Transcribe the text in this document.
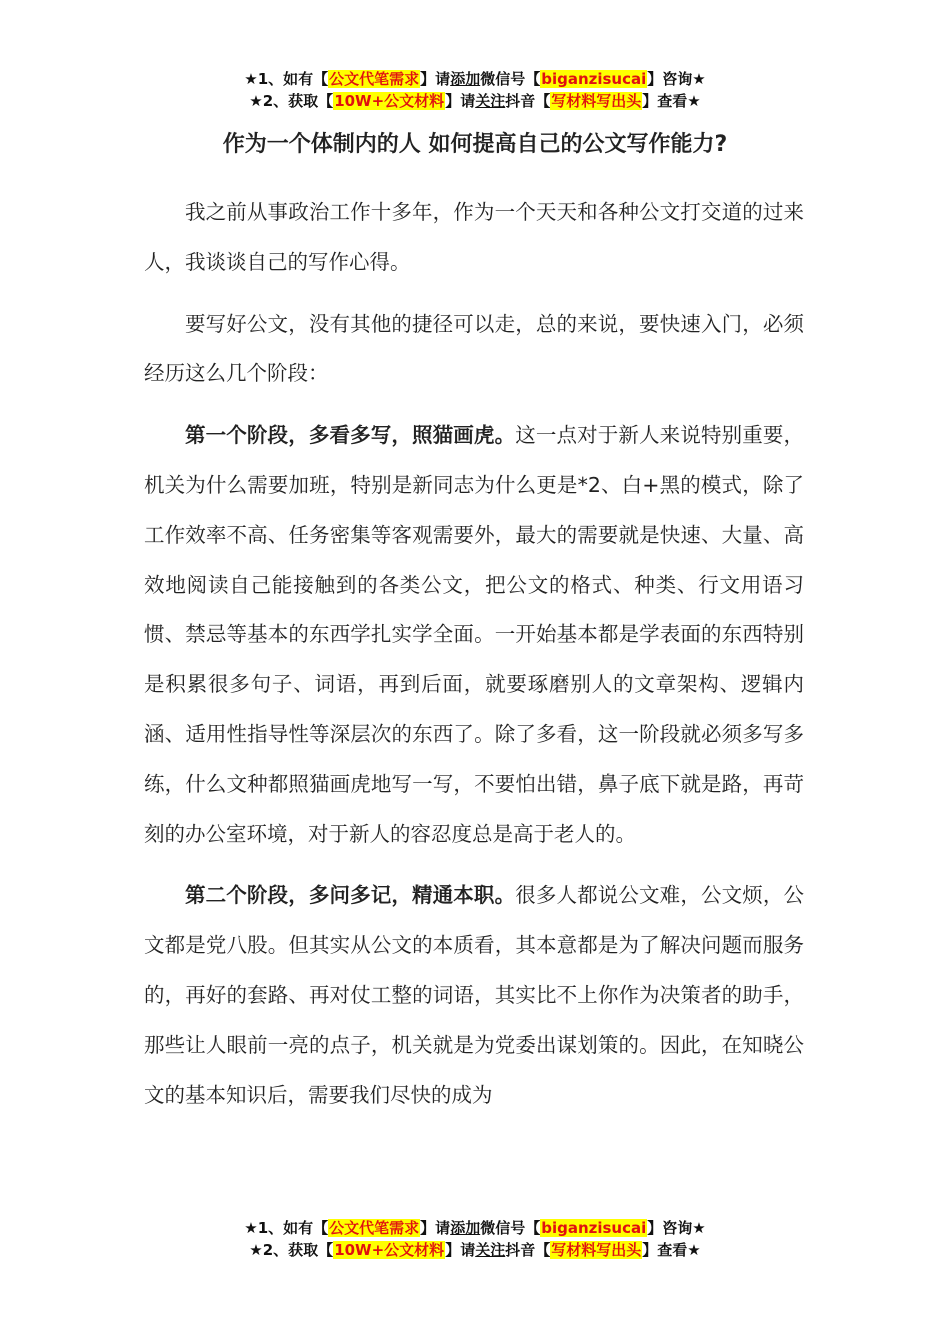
★1、如有【公文代笔需求】请添加微信号【biganzisucai】咨询★
★2、获取【10W+公文材料】请关注抖音【写材料写出头】查看★
作为一个体制内的人 如何提高自己的公文写作能力?

我之前从事政治工作十多年，作为一个天天和各种公文打交道的过来人，我谈谈自己的写作心得。

要写好公文，没有其他的捷径可以走，总的来说，要快速入门，必须经历这么几个阶段：

第一个阶段，多看多写，照猫画虎。这一点对于新人来说特别重要，机关为什么需要加班，特别是新同志为什么更是*2、白+黑的模式，除了工作效率不高、任务密集等客观需要外，最大的需要就是快速、大量、高效地阅读自己能接触到的各类公文，把公文的格式、种类、行文用语习惯、禁忌等基本的东西学扎实学全面。一开始基本都是学表面的东西特别是积累很多句子、词语，再到后面，就要琢磨别人的文章架构、逻辑内涵、适用性指导性等深层次的东西了。除了多看，这一阶段就必须多写多练，什么文种都照猫画虎地写一写，不要怕出错，鼻子底下就是路，再苛刻的办公室环境，对于新人的容忍度总是高于老人的。

第二个阶段，多问多记，精通本职。很多人都说公文难，公文烦，公文都是党八股。但其实从公文的本质看，其本意都是为了解决问题而服务的，再好的套路、再对仗工整的词语，其实比不上你作为决策者的助手，那些让人眼前一亮的点子，机关就是为党委出谋划策的。因此，在知晓公文的基本知识后，需要我们尽快的成为

★1、如有【公文代笔需求】请添加微信号【biganzisucai】咨询★
★2、获取【10W+公文材料】请关注抖音【写材料写出头】查看★
